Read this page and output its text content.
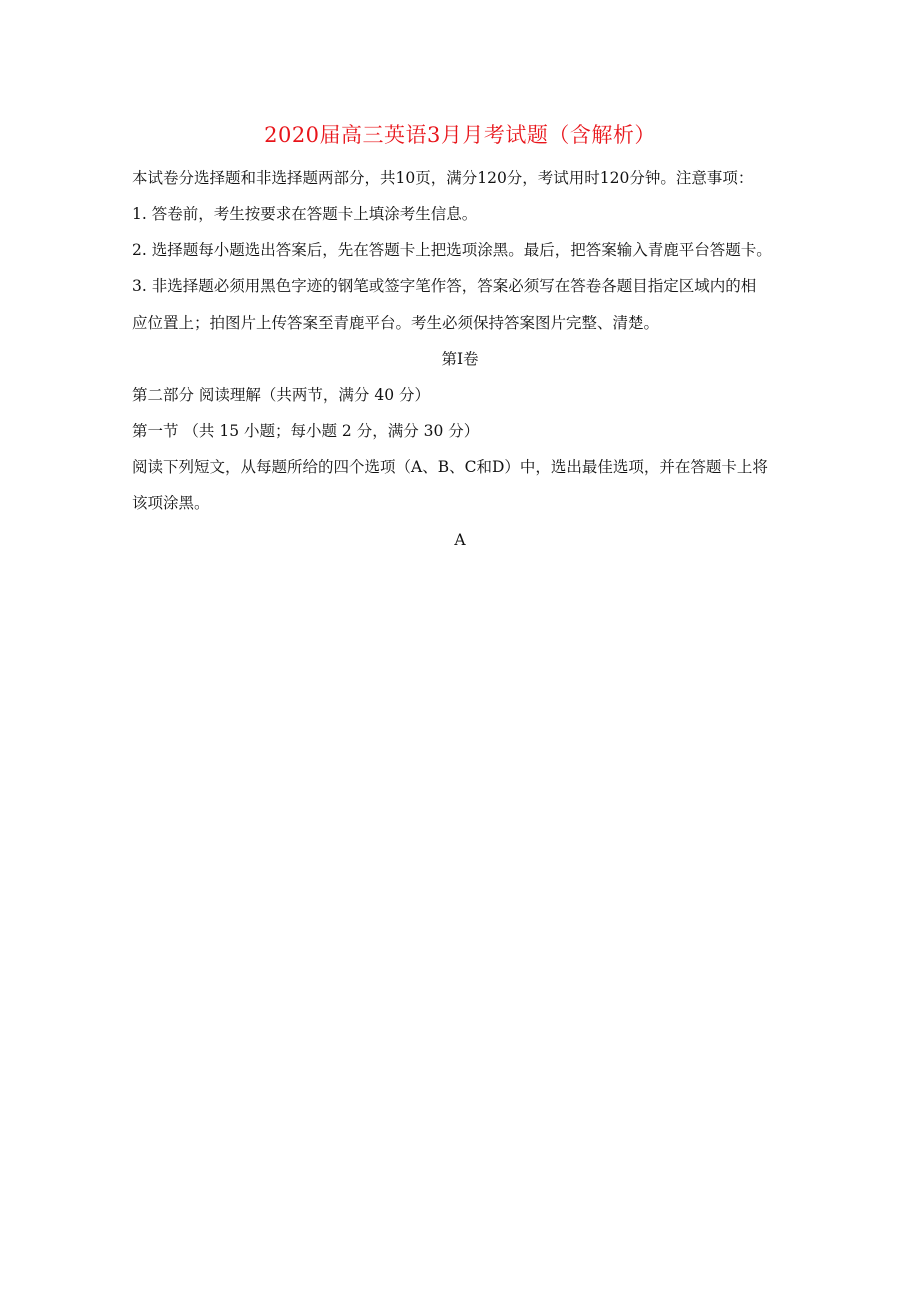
2020届高三英语3月月考试题（含解析）
本试卷分选择题和非选择题两部分，共10页，满分120分，考试用时120分钟。注意事项：
1. 答卷前，考生按要求在答题卡上填涂考生信息。
2. 选择题每小题选出答案后，先在答题卡上把选项涂黑。最后，把答案输入青鹿平台答题卡。
3. 非选择题必须用黑色字迹的钢笔或签字笔作答，答案必须写在答卷各题目指定区域内的相
应位置上；拍图片上传答案至青鹿平台。考生必须保持答案图片完整、清楚。
第I卷
第二部分 阅读理解（共两节，满分 40 分）
第一节 （共 15 小题；每小题 2 分，满分 30 分）
阅读下列短文，从每题所给的四个选项（A、B、C和D）中，选出最佳选项，并在答题卡上将
该项涂黑。
A
